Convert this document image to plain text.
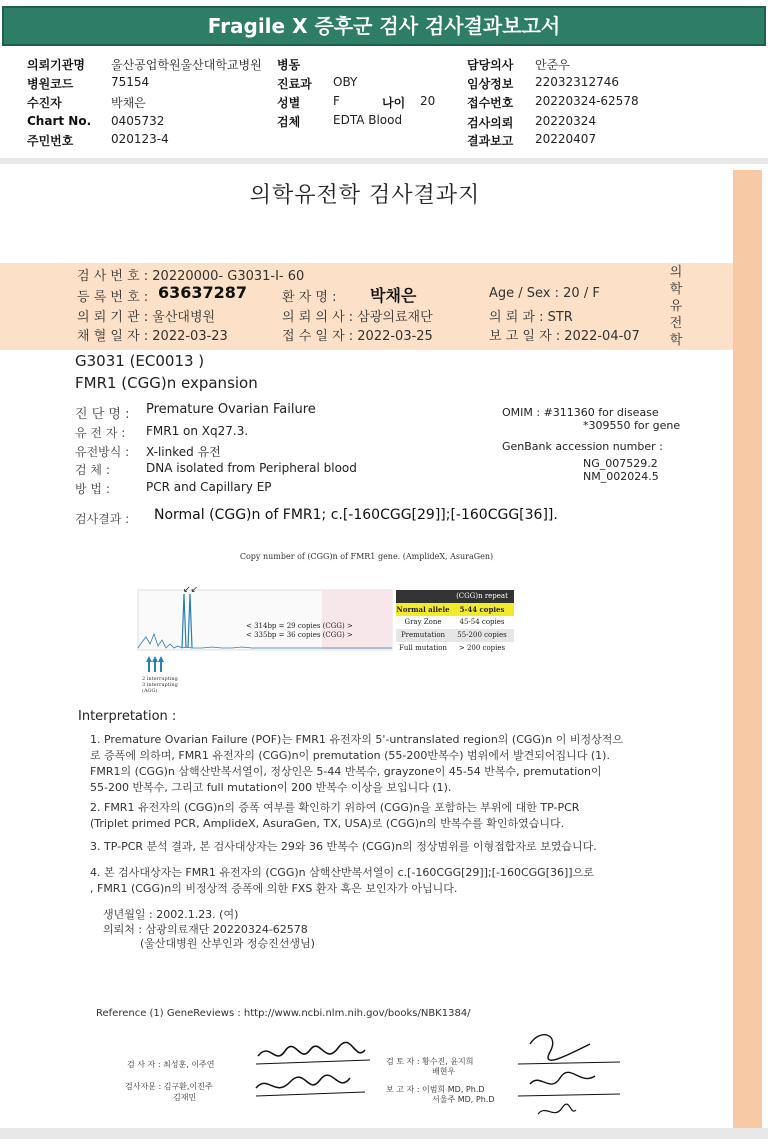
Fragile X 증후군 검사 검사결과보고서
의뢰기관명 울산공업학원울산대학교병원
병원코드	75154
수진자	박채은
Chart No. 0405732
주민번호	020123-4
병동
진료과 OBY
성별	F	나이 20
검체	EDTA Blood
담당의사 안준우
임상정보 22032312746
접수번호 20220324-62578
검사의뢰 20220324
결과보고 20220407
의학유전학 검사결과지
의
학
유
전
학
검 사 번 호 : 20220000- G3031-I- 60
등 록 번 호 : 63637287	환 자 명 : 박채은	Age / Sex : 20 / F
의 뢰 기 관 : 울산대병원	의 뢰 의 사 : 삼광의료재단	의 뢰 과 : STR
채 혈 일 자 : 2022-03-23	접 수 일 자 : 2022-03-25	보 고 일 자 : 2022-04-07
G3031 (EC0013 )
FMR1 (CGG)n expansion
진 단 명 : Premature Ovarian Failure
유 전 자 : FMR1 on Xq27.3.
유전방식 : X-linked 유전
검 체 :	DNA isolated from Peripheral blood
방 법 :	PCR and Capillary EP
OMIM : #311360 for disease
*309550 for gene
GenBank accession number :
NG_007529.2
NM_002024.5
검사결과 : Normal (CGG)n of FMR1; c.[-160CGG[29]];[-160CGG[36]].
Copy number of (CGG)n of FMR1 gene. (AmplideX, AsuraGen)
↙↙
2 interrupting
3 interrupting
(AGG)
< 314bp = 29 copies (CGG) >
< 335bp = 36 copies (CGG) >
(CGG)n repeat
Normal allele	5-44 copies
Gray Zone	45-54 copies
Premutation	55-200 copies
Full mutation	> 200 copies
Interpretation :
1. Premature Ovarian Failure (POF)는 FMR1 유전자의 5'-untranslated region의 (CGG)n 이 비정상적으
로 증폭에 의하며, FMR1 유전자의 (CGG)n이 premutation (55-200반복수) 범위에서 발견되어집니다 (1).
FMR1의 (CGG)n 삼핵산반복서열이, 정상인은 5-44 반복수, grayzone이 45-54 반복수, premutation이
55-200 반복수, 그리고 full mutation이 200 반복수 이상을 보입니다 (1).
2. FMR1 유전자의 (CGG)n의 증폭 여부를 확인하기 위하여 (CGG)n을 포함하는 부위에 대한 TP-PCR
(Triplet primed PCR, AmplideX, AsuraGen, TX, USA)로 (CGG)n의 반복수를 확인하였습니다.
3. TP-PCR 분석 결과, 본 검사대상자는 29와 36 반복수 (CGG)n의 정상범위를 이형접합자로 보였습니다.
4. 본 검사대상자는 FMR1 유전자의 (CGG)n 삼핵산반복서열이 c.[-160CGG[29]];[-160CGG[36]]으로
, FMR1 (CGG)n의 비정상적 증폭에 의한 FXS 환자 혹은 보인자가 아닙니다.
생년월일 : 2002.1.23. (여)
의뢰처 : 삼광의료재단 20220324-62578
(울산대병원 산부인과 정승진선생님)
Reference (1) GeneReviews : http://www.ncbi.nlm.nih.gov/books/NBK1384/
검 사 자 : 최성훈, 이주연
검사자문 : 김구환,이진주
김재민
검 토 자 : 황수진, 윤지희
배현우
보 고 자 : 이범희 MD, Ph.D
서울주 MD, Ph.D
